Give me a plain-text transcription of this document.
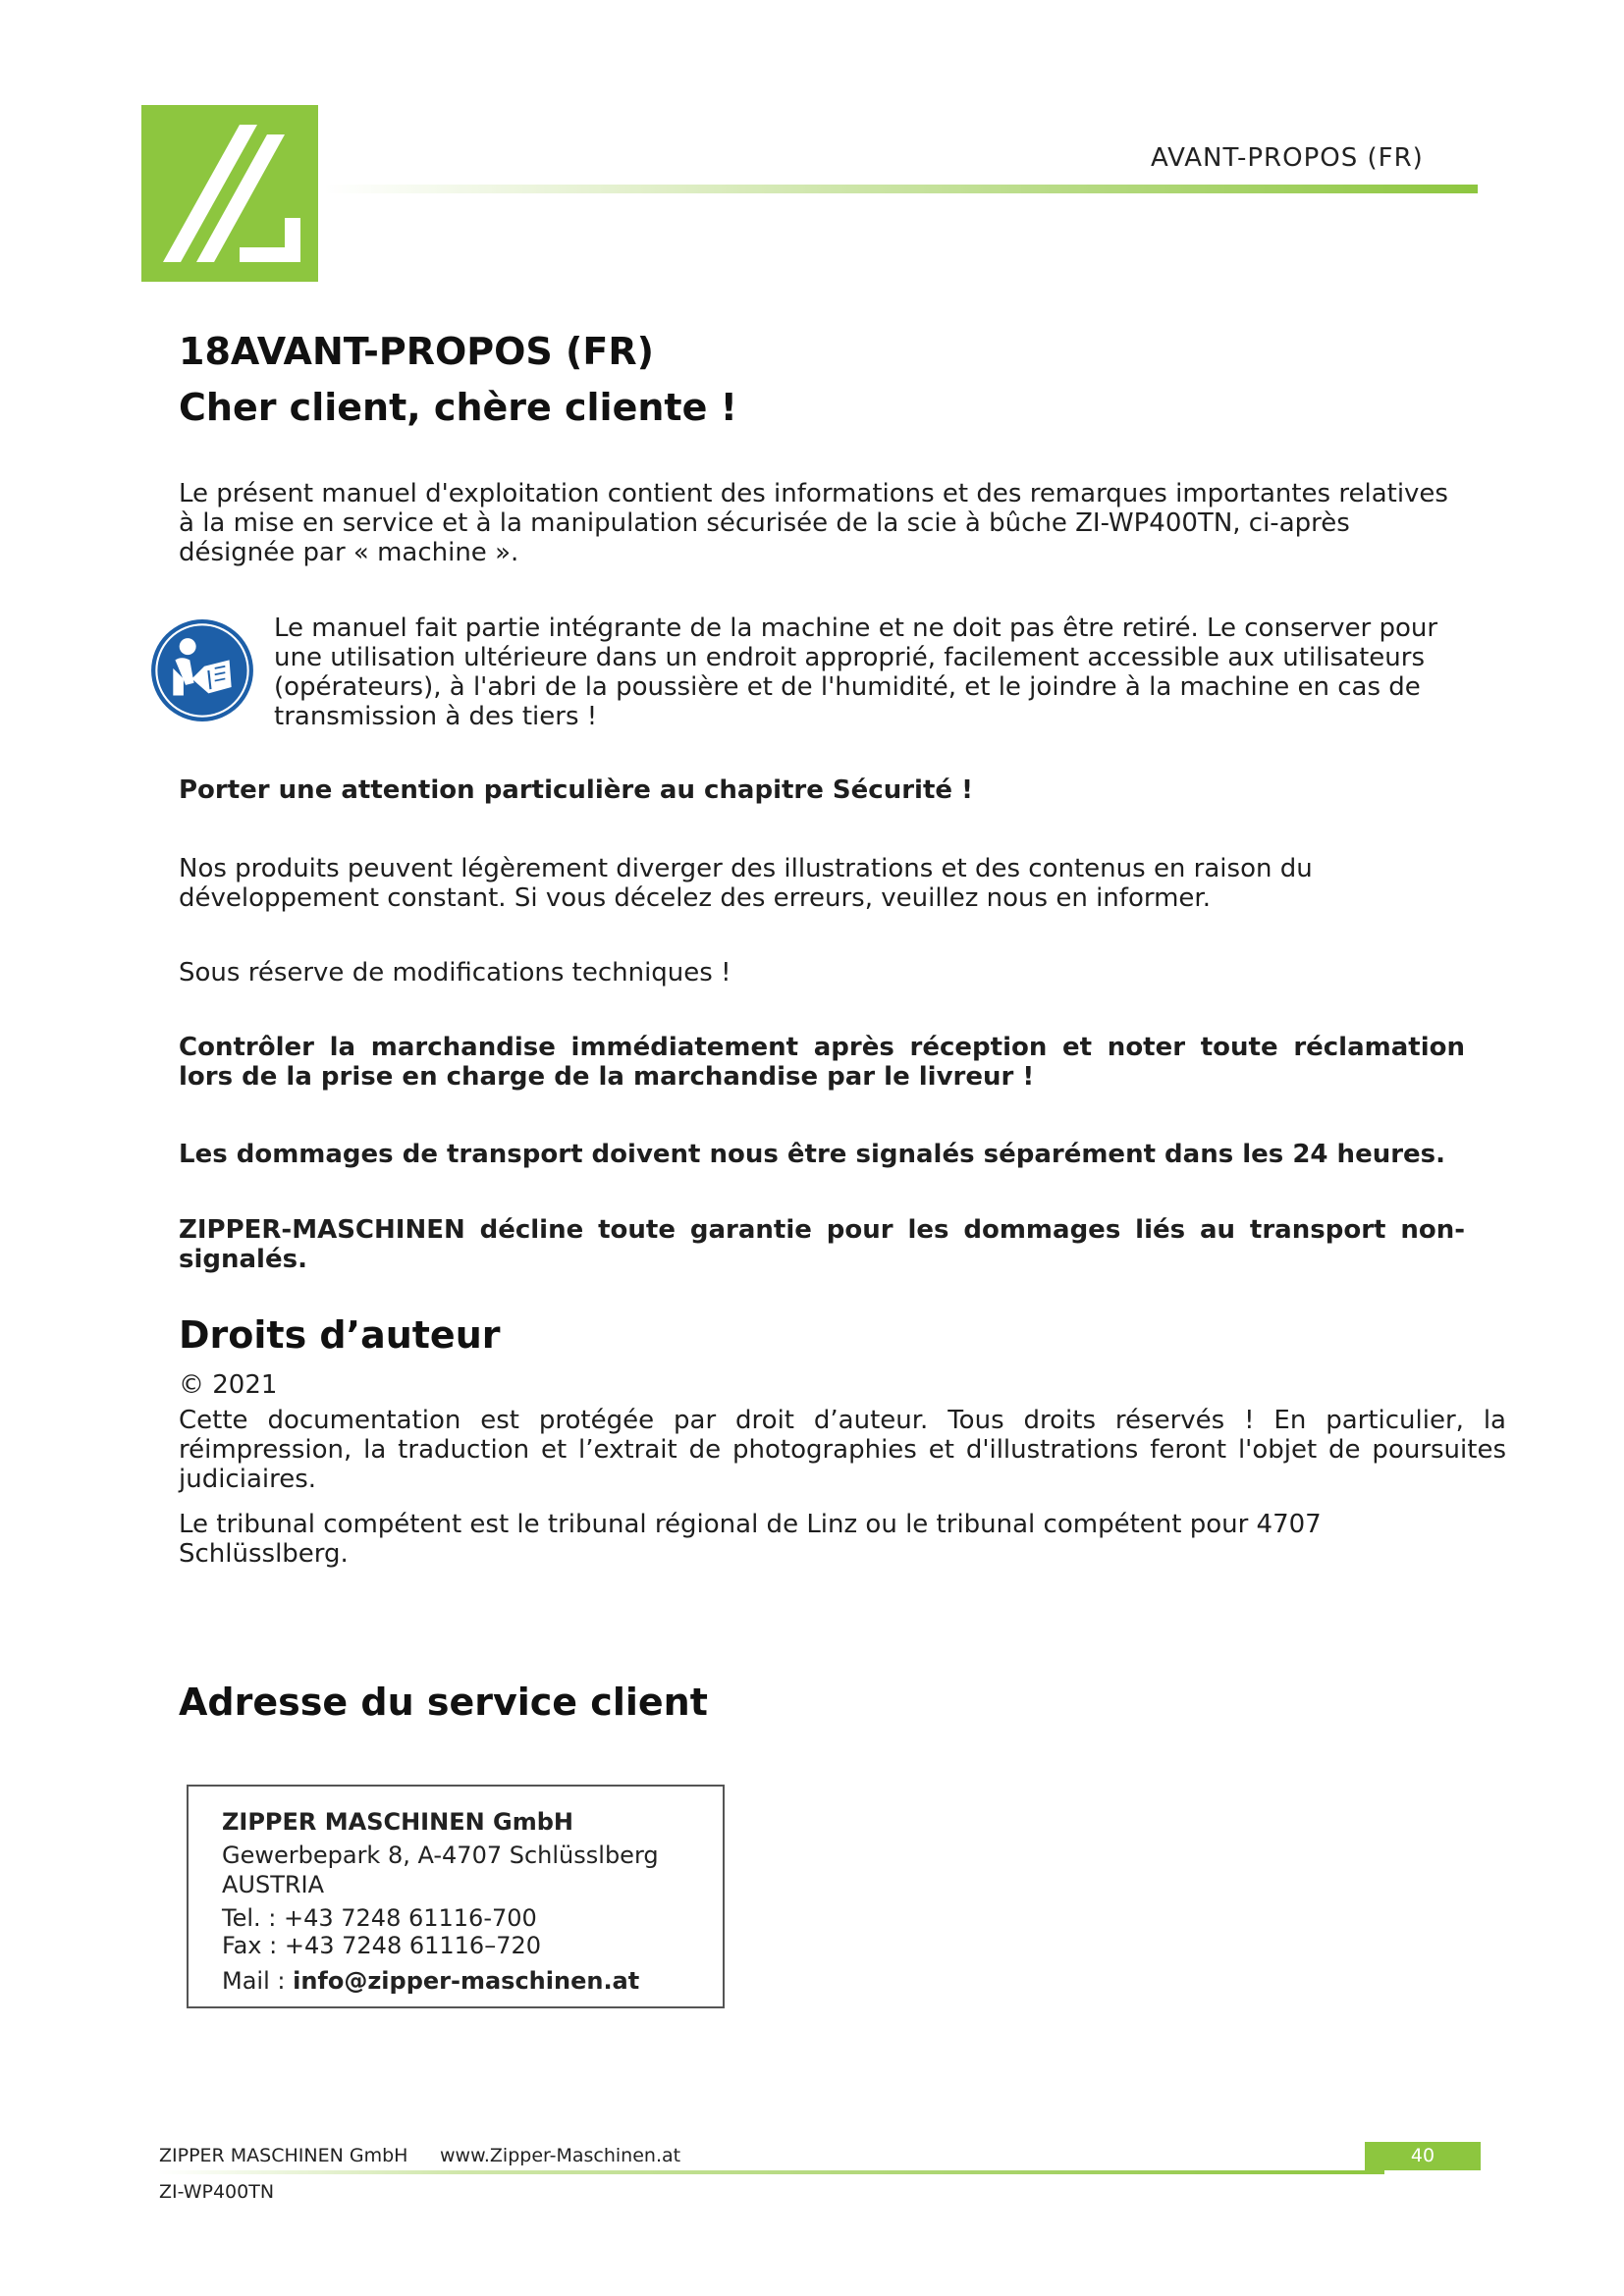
AVANT-PROPOS (FR)
18AVANT-PROPOS (FR)
Cher client, chère cliente !
Le présent manuel d'exploitation contient des informations et des remarques importantes relatives à la mise en service et à la manipulation sécurisée de la scie à bûche ZI-WP400TN, ci-après désignée par « machine ».
Le manuel fait partie intégrante de la machine et ne doit pas être retiré. Le conserver pour une utilisation ultérieure dans un endroit approprié, facilement accessible aux utilisateurs (opérateurs), à l'abri de la poussière et de l'humidité, et le joindre à la machine en cas de transmission à des tiers !
Porter une attention particulière au chapitre Sécurité !
Nos produits peuvent légèrement diverger des illustrations et des contenus en raison du développement constant. Si vous décelez des erreurs, veuillez nous en informer.
Sous réserve de modifications techniques !
Contrôler la marchandise immédiatement après réception et noter toute réclamation lors de la prise en charge de la marchandise par le livreur !
Les dommages de transport doivent nous être signalés séparément dans les 24 heures.
ZIPPER-MASCHINEN décline toute garantie pour les dommages liés au transport non-signalés.
Droits d’auteur
© 2021
Cette documentation est protégée par droit d’auteur. Tous droits réservés ! En particulier, la réimpression, la traduction et l’extrait de photographies et d'illustrations feront l'objet de poursuites judiciaires.
Le tribunal compétent est le tribunal régional de Linz ou le tribunal compétent pour 4707 Schlüsslberg.
Adresse du service client
ZIPPER MASCHINEN GmbH
Gewerbepark 8, A-4707 Schlüsslberg
AUSTRIA
Tel. : +43 7248 61116-700
Fax : +43 7248 61116–720
Mail : info@zipper-maschinen.at
ZIPPER MASCHINEN GmbH www.Zipper-Maschinen.at	40
ZI-WP400TN
